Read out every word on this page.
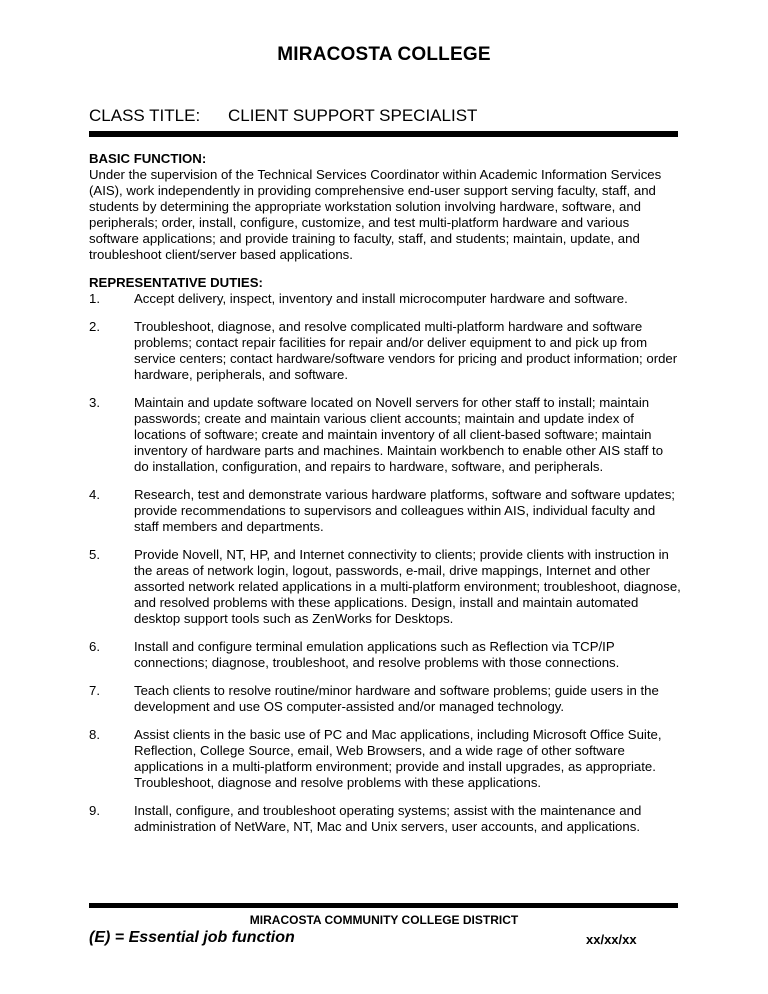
MIRACOSTA COLLEGE
CLASS TITLE: CLIENT SUPPORT SPECIALIST
BASIC FUNCTION:
Under the supervision of the Technical Services Coordinator within Academic Information Services (AIS), work independently in providing comprehensive end-user support serving faculty, staff, and students by determining the appropriate workstation solution involving hardware, software, and peripherals; order, install, configure, customize, and test multi-platform hardware and various software applications; and provide training to faculty, staff, and students; maintain, update, and troubleshoot client/server based applications.
REPRESENTATIVE DUTIES:
1.	Accept delivery, inspect, inventory and install microcomputer hardware and software.
2.	Troubleshoot, diagnose, and resolve complicated multi-platform hardware and software problems; contact repair facilities for repair and/or deliver equipment to and pick up from service centers; contact hardware/software vendors for pricing and product information; order hardware, peripherals, and software.
3.	Maintain and update software located on Novell servers for other staff to install; maintain passwords; create and maintain various client accounts; maintain and update index of locations of software; create and maintain inventory of all client-based software; maintain inventory of hardware parts and machines. Maintain workbench to enable other AIS staff to do installation, configuration, and repairs to hardware, software, and peripherals.
4.	Research, test and demonstrate various hardware platforms, software and software updates; provide recommendations to supervisors and colleagues within AIS, individual faculty and staff members and departments.
5.	Provide Novell, NT, HP, and Internet connectivity to clients; provide clients with instruction in the areas of network login, logout, passwords, e-mail, drive mappings, Internet and other assorted network related applications in a multi-platform environment; troubleshoot, diagnose, and resolved problems with these applications. Design, install and maintain automated desktop support tools such as ZenWorks for Desktops.
6.	Install and configure terminal emulation applications such as Reflection via TCP/IP connections; diagnose, troubleshoot, and resolve problems with those connections.
7.	Teach clients to resolve routine/minor hardware and software problems; guide users in the development and use OS computer-assisted and/or managed technology.
8.	Assist clients in the basic use of PC and Mac applications, including Microsoft Office Suite, Reflection, College Source, email, Web Browsers, and a wide rage of other software applications in a multi-platform environment; provide and install upgrades, as appropriate. Troubleshoot, diagnose and resolve problems with these applications.
9.	Install, configure, and troubleshoot operating systems; assist with the maintenance and administration of NetWare, NT, Mac and Unix servers, user accounts, and applications.
MIRACOSTA COMMUNITY COLLEGE DISTRICT
(E) = Essential job function	xx/xx/xx
